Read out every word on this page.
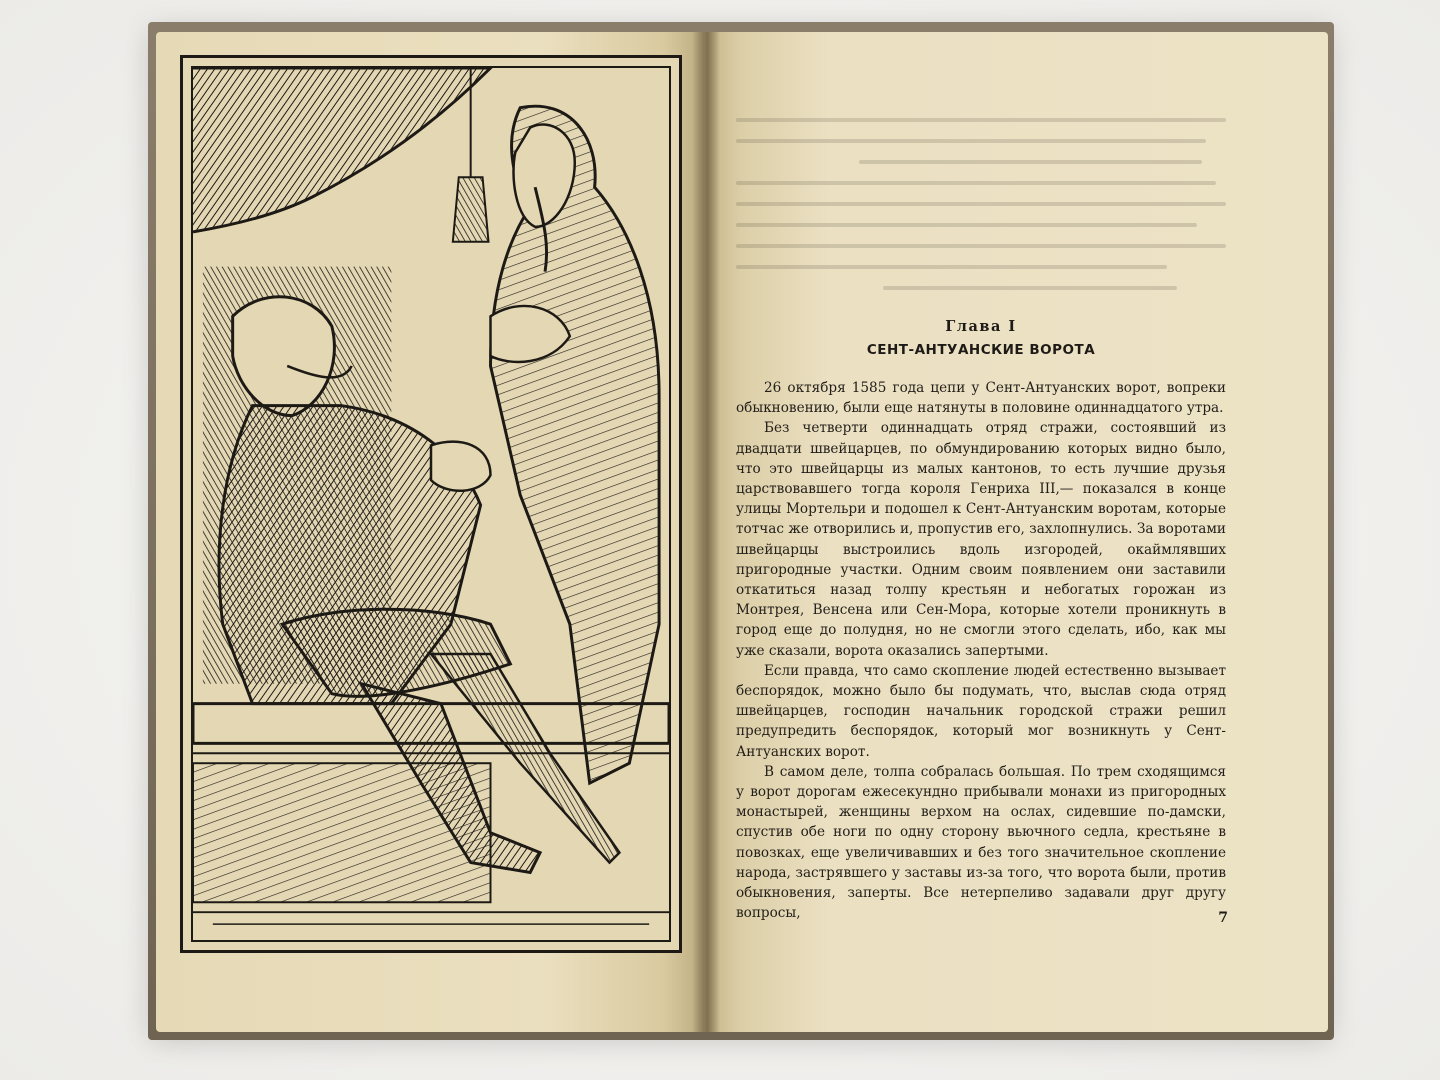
Глава I
СЕНТ-АНТУАНСКИЕ ВОРОТА

26 октября 1585 года цепи у Сент-Антуанских ворот, вопреки обыкновению, были еще натянуты в половине одиннадцатого утра.

Без четверти одиннадцать отряд стражи, состоявший из двадцати швейцарцев, по обмундированию которых видно было, что это швейцарцы из малых кантонов, то есть лучшие друзья царствовавшего тогда короля Генриха III,— показался в конце улицы Мортельри и подошел к Сент-Антуанским воротам, которые тотчас же отворились и, пропустив его, захлопнулись. За воротами швейцарцы выстроились вдоль изгородей, окаймлявших пригородные участки. Одним своим появлением они заставили откатиться назад толпу крестьян и небогатых горожан из Монтрея, Венсена или Сен-Мора, которые хотели проникнуть в город еще до полудня, но не смогли этого сделать, ибо, как мы уже сказали, ворота оказались запертыми.

Если правда, что само скопление людей естественно вызывает беспорядок, можно было бы подумать, что, выслав сюда отряд швейцарцев, господин начальник городской стражи решил предупредить беспорядок, который мог возникнуть у Сент-Антуанских ворот.

В самом деле, толпа собралась большая. По трем сходящимся у ворот дорогам ежесекундно прибывали монахи из пригородных монастырей, женщины верхом на ослах, сидевшие по-дамски, спустив обе ноги по одну сторону вьючного седла, крестьяне в повозках, еще увеличивавших и без того значительное скопление народа, застрявшего у заставы из-за того, что ворота были, против обыкновения, заперты. Все нетерпеливо задавали друг другу вопросы,	7
